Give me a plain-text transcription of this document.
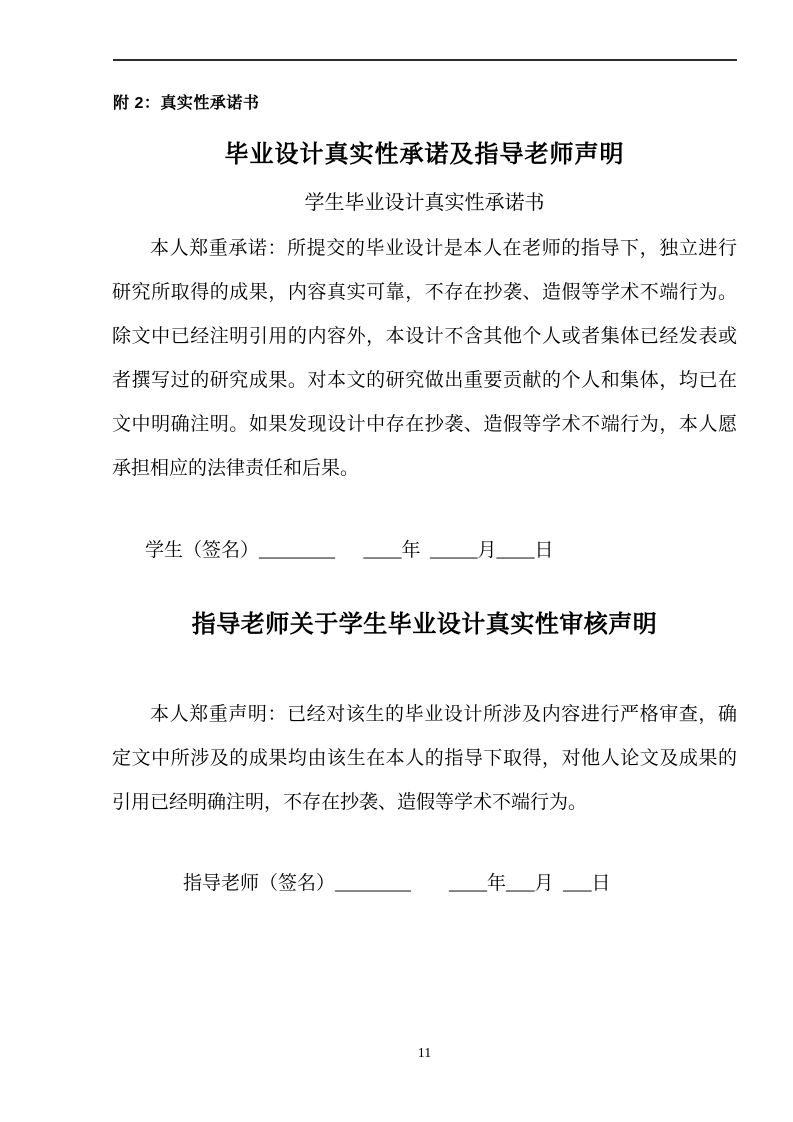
附 2：真实性承诺书
毕业设计真实性承诺及指导老师声明
学生毕业设计真实性承诺书

本人郑重承诺：所提交的毕业设计是本人在老师的指导下，独立进行研究所取得的成果，内容真实可靠，不存在抄袭、造假等学术不端行为。除文中已经注明引用的内容外，本设计不含其他个人或者集体已经发表或者撰写过的研究成果。对本文的研究做出重要贡献的个人和集体，均已在文中明确注明。如果发现设计中存在抄袭、造假等学术不端行为，本人愿承担相应的法律责任和后果。

学生（签名）________      ____年  _____月____日
指导老师关于学生毕业设计真实性审核声明

本人郑重声明：已经对该生的毕业设计所涉及内容进行严格审查，确定文中所涉及的成果均由该生在本人的指导下取得，对他人论文及成果的引用已经明确注明，不存在抄袭、造假等学术不端行为。

指导老师（签名）________        ____年___月  ___日
11
